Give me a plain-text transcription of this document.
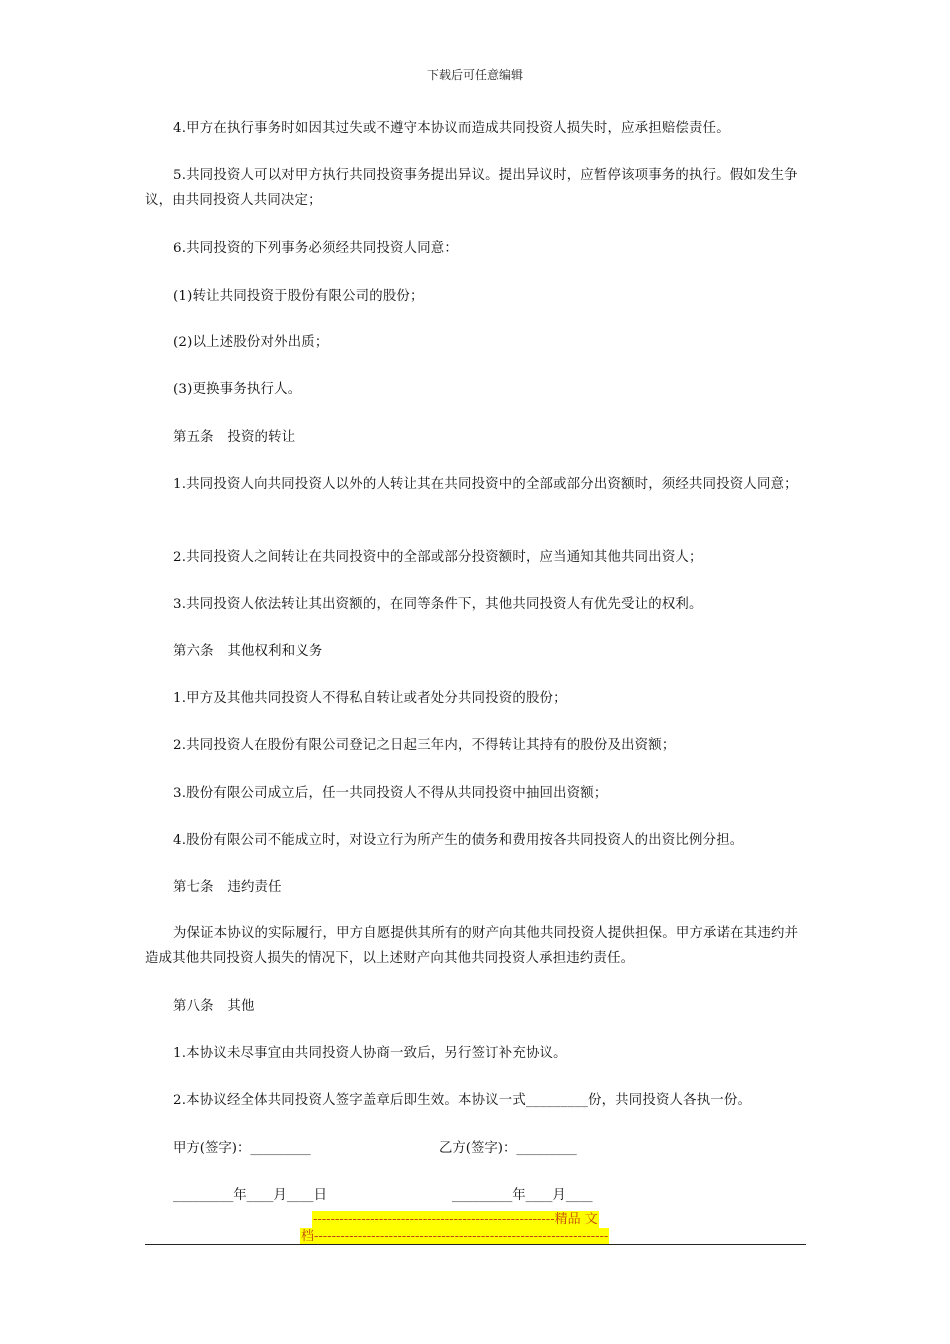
下载后可任意编辑

4.甲方在执行事务时如因其过失或不遵守本协议而造成共同投资人损失时，应承担赔偿责任。

5.共同投资人可以对甲方执行共同投资事务提出异议。提出异议时，应暂停该项事务的执行。假如发生争议，由共同投资人共同决定；

6.共同投资的下列事务必须经共同投资人同意：

(1)转让共同投资于股份有限公司的股份；

(2)以上述股份对外出质；

(3)更换事务执行人。

第五条　投资的转让

1.共同投资人向共同投资人以外的人转让其在共同投资中的全部或部分出资额时，须经共同投资人同意；

2.共同投资人之间转让在共同投资中的全部或部分投资额时，应当通知其他共同出资人；

3.共同投资人依法转让其出资额的，在同等条件下，其他共同投资人有优先受让的权利。

第六条　其他权利和义务

1.甲方及其他共同投资人不得私自转让或者处分共同投资的股份；

2.共同投资人在股份有限公司登记之日起三年内，不得转让其持有的股份及出资额；

3.股份有限公司成立后，任一共同投资人不得从共同投资中抽回出资额；

4.股份有限公司不能成立时，对设立行为所产生的债务和费用按各共同投资人的出资比例分担。

第七条　违约责任

为保证本协议的实际履行，甲方自愿提供其所有的财产向其他共同投资人提供担保。甲方承诺在其违约并造成其他共同投资人损失的情况下，以上述财产向其他共同投资人承担违约责任。

第八条　其他

1.本协议未尽事宜由共同投资人协商一致后，另行签订补充协议。

2.本协议经全体共同投资人签字盖章后即生效。本协议一式_________份，共同投资人各执一份。

甲方(签字)：_________	乙方(签字)：_________
_________年____月____日	_________年____月____
-------------------------------------------------------精品 文
档-------------------------------------------------------------------
